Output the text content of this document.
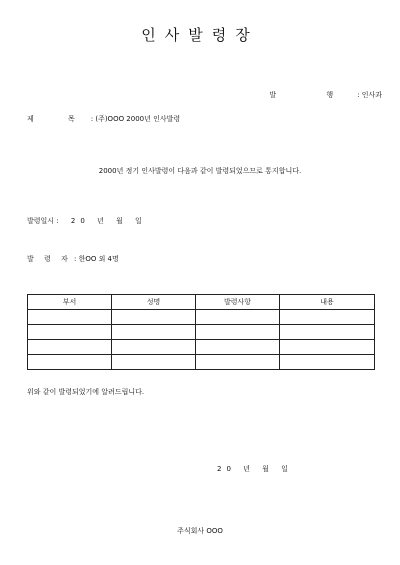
인사발령장
발 행: 인사과
제 목: (주)OOO 2000년 인사발령
2000년 정기 인사발령이 다음과 같이 발령되었으므로 통지합니다.
발령일시 : 20 년 월 일
발 령 자 : 한OO 외 4명
부서	성명	발령사항	내용

위와 같이 발령되었기에 알려드립니다.
20 년 월 일
주식회사 OOO
